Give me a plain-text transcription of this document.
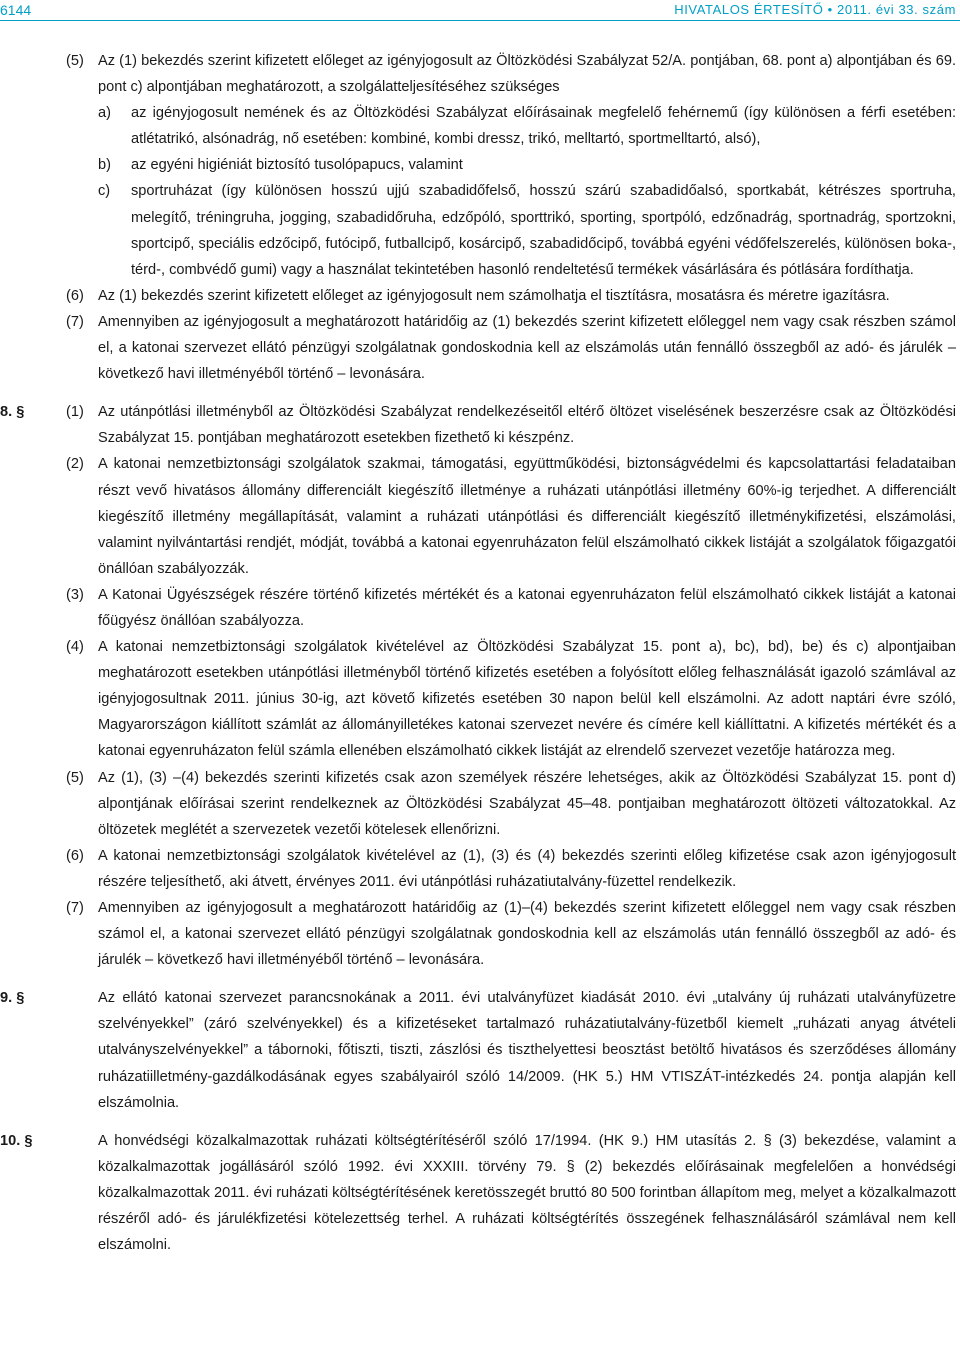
6144	HIVATALOS ÉRTESÍTŐ • 2011. évi 33. szám
(5) Az (1) bekezdés szerint kifizetett előleget az igényjogosult az Öltözködési Szabályzat 52/A. pontjában, 68. pont a) alpontjában és 69. pont c) alpontjában meghatározott, a szolgálatteljesítéséhez szükséges
a) az igényjogosult nemének és az Öltözködési Szabályzat előírásainak megfelelő fehérnemű (így különösen a férfi esetében: atlétatrikó, alsónadrág, nő esetében: kombiné, kombi dressz, trikó, melltartó, sportmelltartó, alsó),
b) az egyéni higiéniát biztosító tusolópapucs, valamint
c) sportruházat (így különösen hosszú ujjú szabadidőfelső, hosszú szárú szabadidőalsó, sportkabát, kétrészes sportruha, melegítő, tréningruha, jogging, szabadidőruha, edzőpóló, sporttrikó, sporting, sportpóló, edzőnadrág, sportnadrág, sportzokni, sportcipő, speciális edzőcipő, futócipő, futballcipő, kosárcipő, szabadidőcipő, továbbá egyéni védőfelszerelés, különösen boka-, térd-, combvédő gumi) vagy a használat tekintetében hasonló rendeltetésű termékek vásárlására és pótlására fordíthatja.
(6) Az (1) bekezdés szerint kifizetett előleget az igényjogosult nem számolhatja el tisztításra, mosatásra és méretre igazításra.
(7) Amennyiben az igényjogosult a meghatározott határidőig az (1) bekezdés szerint kifizetett előleggel nem vagy csak részben számol el, a katonai szervezet ellátó pénzügyi szolgálatnak gondoskodnia kell az elszámolás után fennálló összegből az adó- és járulék – következő havi illetményéből történő – levonására.
8. §	(1) Az utánpótlási illetményből az Öltözködési Szabályzat rendelkezéseitől eltérő öltözet viselésének beszerzésre csak az Öltözködési Szabályzat 15. pontjában meghatározott esetekben fizethető ki készpénz.
(2) A katonai nemzetbiztonsági szolgálatok szakmai, támogatási, együttműködési, biztonságvédelmi és kapcsolattartási feladataiban részt vevő hivatásos állomány differenciált kiegészítő illetménye a ruházati utánpótlási illetmény 60%-ig terjedhet. A differenciált kiegészítő illetmény megállapítását, valamint a ruházati utánpótlási és differenciált kiegészítő illetménykifizetési, elszámolási, valamint nyilvántartási rendjét, módját, továbbá a katonai egyenruházaton felül elszámolható cikkek listáját a szolgálatok főigazgatói önállóan szabályozzák.
(3) A Katonai Ügyészségek részére történő kifizetés mértékét és a katonai egyenruházaton felül elszámolható cikkek listáját a katonai főügyész önállóan szabályozza.
(4) A katonai nemzetbiztonsági szolgálatok kivételével az Öltözködési Szabályzat 15. pont a), bc), bd), be) és c) alpontjaiban meghatározott esetekben utánpótlási illetményből történő kifizetés esetében a folyósított előleg felhasználását igazoló számlával az igényjogosultnak 2011. június 30-ig, azt követő kifizetés esetében 30 napon belül kell elszámolni. Az adott naptári évre szóló, Magyarországon kiállított számlát az állományilletékes katonai szervezet nevére és címére kell kiállíttatni. A kifizetés mértékét és a katonai egyenruházaton felül számla ellenében elszámolható cikkek listáját az elrendelő szervezet vezetője határozza meg.
(5) Az (1), (3) –(4) bekezdés szerinti kifizetés csak azon személyek részére lehetséges, akik az Öltözködési Szabályzat 15. pont d) alpontjának előírásai szerint rendelkeznek az Öltözködési Szabályzat 45–48. pontjaiban meghatározott öltözeti változatokkal. Az öltözetek meglétét a szervezetek vezetői kötelesek ellenőrizni.
(6) A katonai nemzetbiztonsági szolgálatok kivételével az (1), (3) és (4) bekezdés szerinti előleg kifizetése csak azon igényjogosult részére teljesíthető, aki átvett, érvényes 2011. évi utánpótlási ruházatiutalvány-füzettel rendelkezik.
(7) Amennyiben az igényjogosult a meghatározott határidőig az (1)–(4) bekezdés szerint kifizetett előleggel nem vagy csak részben számol el, a katonai szervezet ellátó pénzügyi szolgálatnak gondoskodnia kell az elszámolás után fennálló összegből az adó- és járulék – következő havi illetményéből történő – levonására.
9. §	Az ellátó katonai szervezet parancsnokának a 2011. évi utalványfüzet kiadását 2010. évi „utalvány új ruházati utalványfüzetre szelvényekkel” (záró szelvényekkel) és a kifizetéseket tartalmazó ruházatiutalvány-füzetből kiemelt „ruházati anyag átvételi utalványszelvényekkel” a tábornoki, főtiszti, tiszti, zászlósi és tiszthelyettesi beosztást betöltő hivatásos és szerződéses állomány ruházatiilletmény-gazdálkodásának egyes szabályairól szóló 14/2009. (HK 5.) HM VTISZÁT-intézkedés 24. pontja alapján kell elszámolnia.
10. §	A honvédségi közalkalmazottak ruházati költségtérítéséről szóló 17/1994. (HK 9.) HM utasítás 2. § (3) bekezdése, valamint a közalkalmazottak jogállásáról szóló 1992. évi XXXIII. törvény 79. § (2) bekezdés előírásainak megfelelően a honvédségi közalkalmazottak 2011. évi ruházati költségtérítésének keretösszegét bruttó 80 500 forintban állapítom meg, melyet a közalkalmazott részéről adó- és járulékfizetési kötelezettség terhel. A ruházati költségtérítés összegének felhasználásáról számlával nem kell elszámolni.
